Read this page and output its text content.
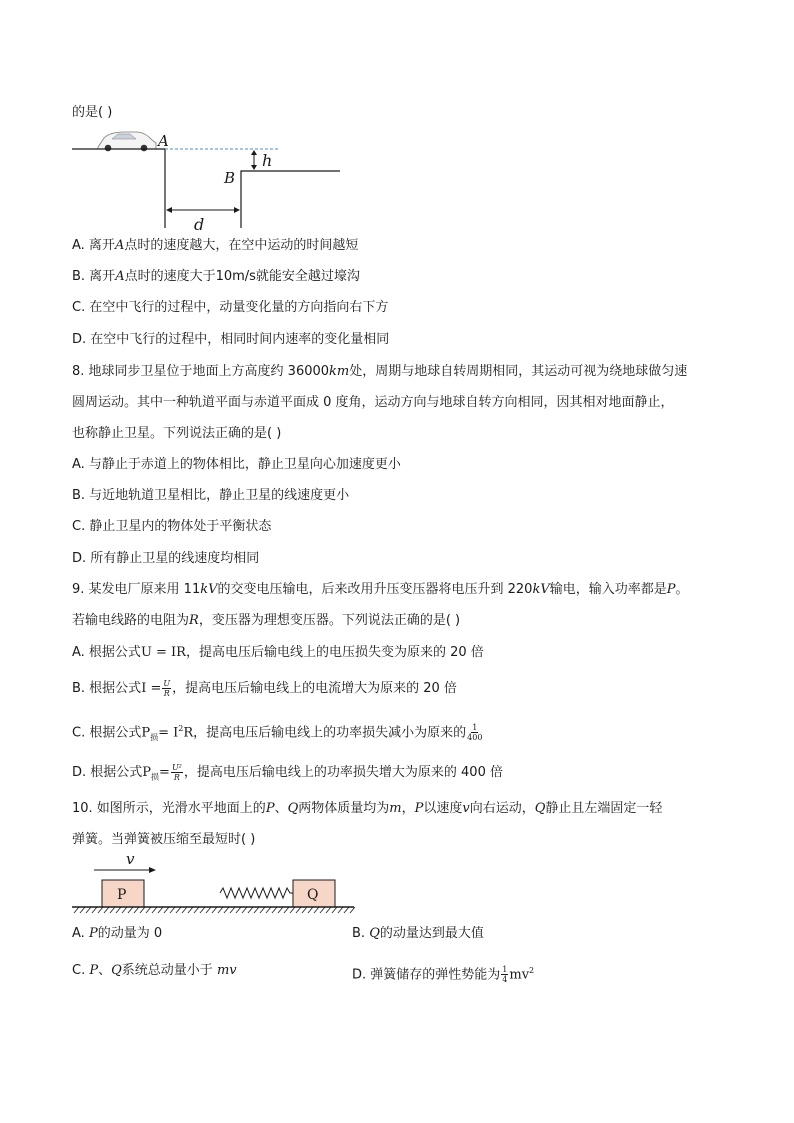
的是( )
A
B
h
d
A. 离开A点时的速度越大，在空中运动的时间越短
B. 离开A点时的速度大于10m/s就能安全越过壕沟
C. 在空中飞行的过程中，动量变化量的方向指向右下方
D. 在空中飞行的过程中，相同时间内速率的变化量相同
8. 地球同步卫星位于地面上方高度约 36000km处，周期与地球自转周期相同，其运动可视为绕地球做匀速
圆周运动。其中一种轨道平面与赤道平面成 0 度角，运动方向与地球自转方向相同，因其相对地面静止，
也称静止卫星。下列说法正确的是( )
A. 与静止于赤道上的物体相比，静止卫星向心加速度更小
B. 与近地轨道卫星相比，静止卫星的线速度更小
C. 静止卫星内的物体处于平衡状态
D. 所有静止卫星的线速度均相同
9. 某发电厂原来用 11kV的交变电压输电，后来改用升压变压器将电压升到 220kV输电，输入功率都是P。
若输电线路的电阻为R，变压器为理想变压器。下列说法正确的是( )
A. 根据公式U = IR，提高电压后输电线上的电压损失变为原来的 20 倍
B. 根据公式$I = \frac{U}{R}$ ，提高电压后输电线上的电流增大为原来的 20 倍
C. 根据公式$P_损= I^2R$，提高电压后输电线上的功率损失减小为原来的 $\frac{1}{400}$
D. 根据公式$P_损= \frac{\text{U²}}{R}$ ，提高电压后输电线上的功率损失增大为原来的 400 倍
10. 如图所示，光滑水平地面上的P、Q两物体质量均为m，P以速度v向右运动，Q静止且左端固定一轻
弹簧。当弹簧被压缩至最短时( )
v
P	Q
A. P的动量为 0	B. Q的动量达到最大值
C. P、Q系统总动量小于 mv	D. 弹簧储存的弹性势能为 $\frac{1}{4} mv^2$
